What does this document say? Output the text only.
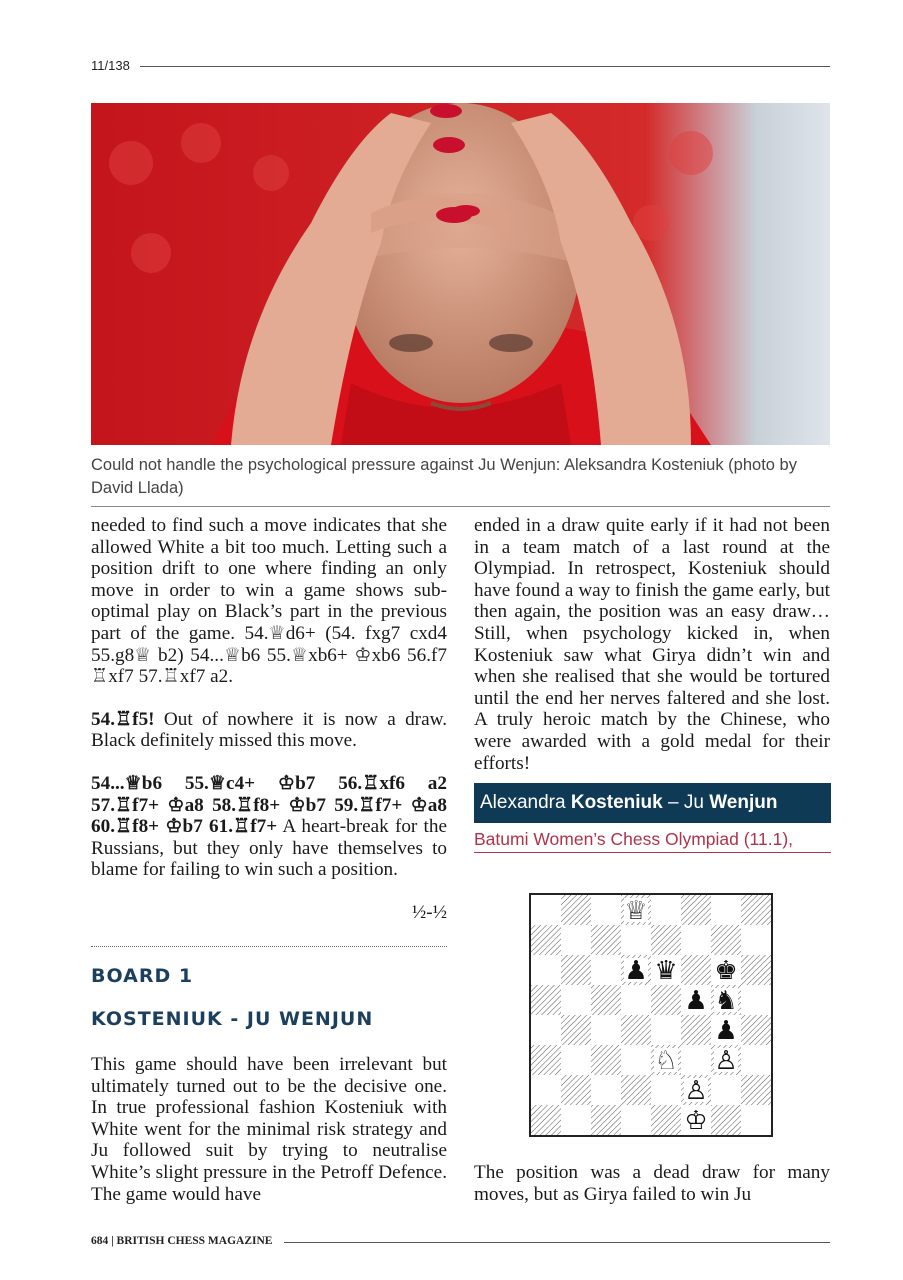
11/138
Could not handle the psychological pressure against Ju Wenjun: Aleksandra Kosteniuk (photo by David Llada)

needed to find such a move indicates that she allowed White a bit too much. Letting such a position drift to one where finding an only move in order to win a game shows sub-optimal play on Black’s part in the previous part of the game. 54.♕d6+ (54. fxg7 cxd4 55.g8♕ b2) 54...♕b6 55.♕xb6+ ♔xb6 56.f7 ♖xf7 57.♖xf7 a2.

54.♖f5! Out of nowhere it is now a draw. Black definitely missed this move.

54...♕b6 55.♕c4+ ♔b7 56.♖xf6 a2 57.♖f7+ ♔a8 58.♖f8+ ♔b7 59.♖f7+ ♔a8 60.♖f8+ ♔b7 61.♖f7+ A heart-break for the Russians, but they only have themselves to blame for failing to win such a position.

½-½

BOARD 1
KOSTENIUK - JU WENJUN
This game should have been irrelevant but ultimately turned out to be the decisive one. In true professional fashion Kosteniuk with White went for the minimal risk strategy and Ju followed suit by trying to neutralise White’s slight pressure in the Petroff Defence. The game would have
ended in a draw quite early if it had not been in a team match of a last round at the Olympiad. In retrospect, Kosteniuk should have found a way to finish the game early, but then again, the position was an easy draw… Still, when psychology kicked in, when Kosteniuk saw what Girya didn’t win and when she realised that she would be tortured until the end her nerves faltered and she lost. A truly heroic match by the Chinese, who were awarded with a gold medal for their efforts!
Alexandra Kosteniuk – Ju Wenjun
Batumi Women’s Chess Olympiad (11.1),
♕
♟ ♛ ♚
♟ ♞
♟
♘ ♙
♙
♔
The position was a dead draw for many moves, but as Girya failed to win Ju
684 | BRITISH CHESS MAGAZINE
